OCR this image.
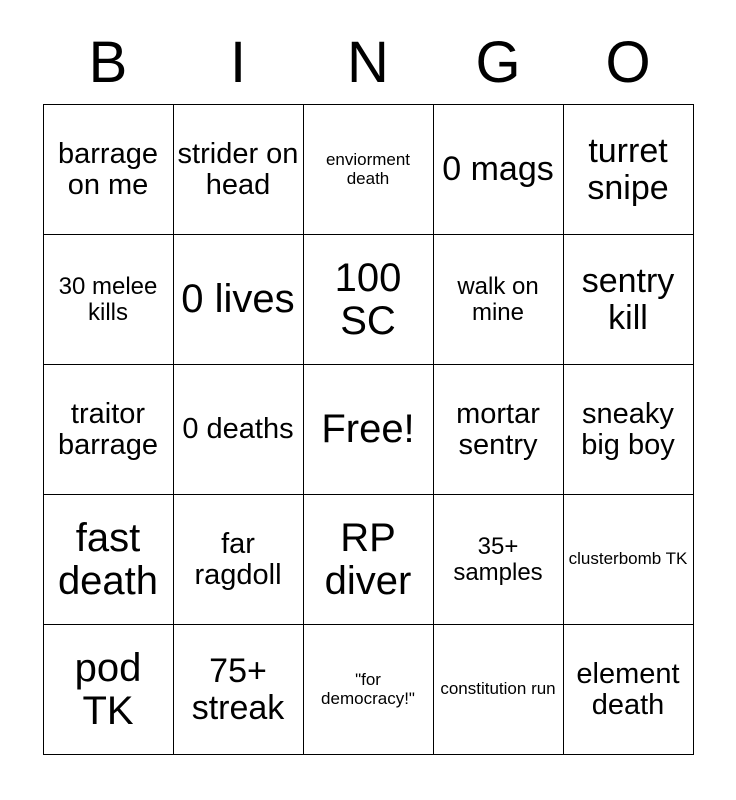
B	I	N	G	O
barrage on me	strider on head	enviorment death	0 mags	turret snipe
30 melee kills	0 lives	100 SC	walk on mine	sentry kill
traitor barrage	0 deaths	Free!	mortar sentry	sneaky big boy
fast death	far ragdoll	RP diver	35+ samples	clusterbomb TK
pod TK	75+ streak	"for democracy!"	constitution run	element death
